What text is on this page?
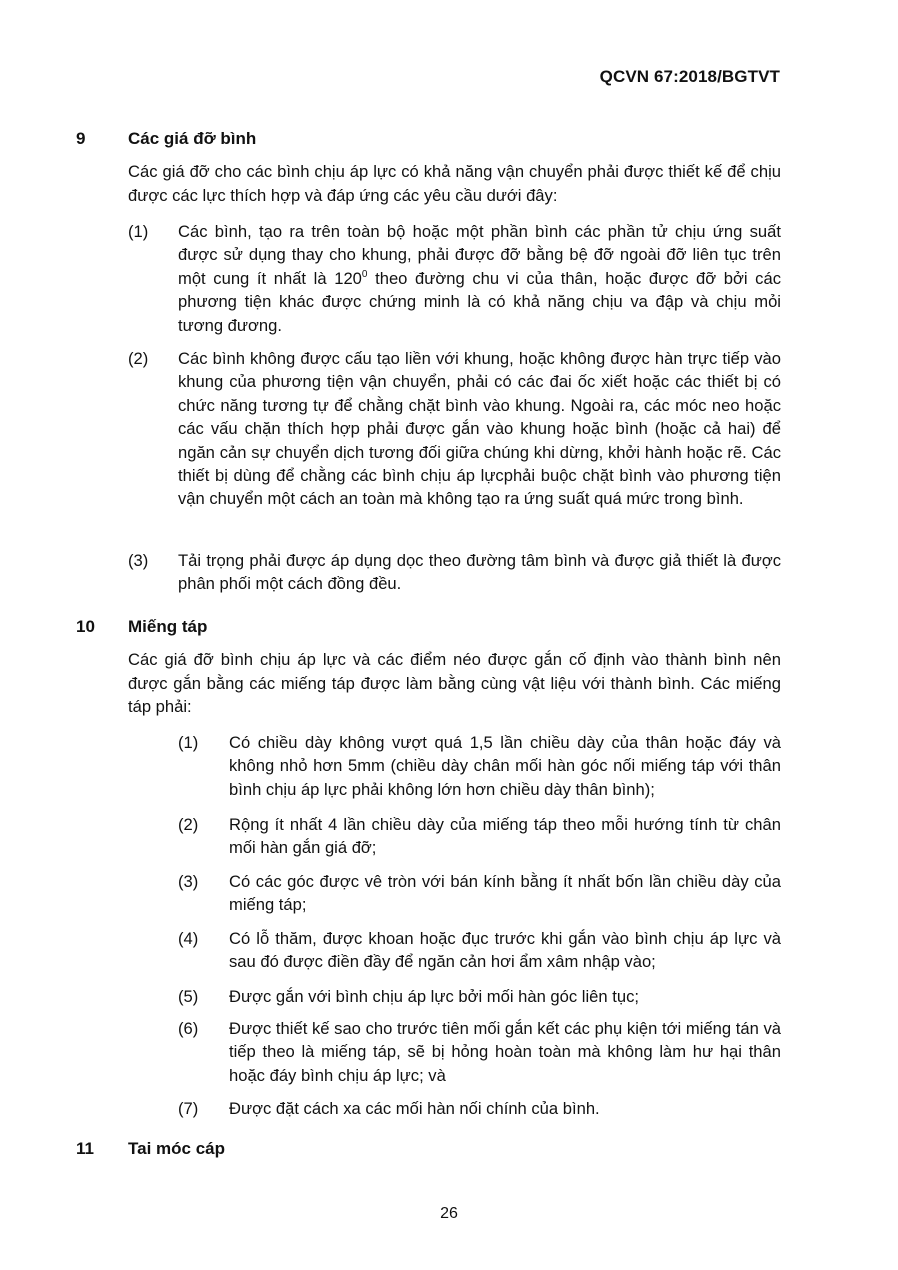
QCVN 67:2018/BGTVT
9	Các giá đỡ bình
Các giá đỡ cho các bình chịu áp lực có khả năng vận chuyển phải được thiết kế để chịu được các lực thích hợp và đáp ứng các yêu cầu dưới đây:
(1) Các bình, tạo ra trên toàn bộ hoặc một phần bình các phần tử chịu ứng suất được sử dụng thay cho khung, phải được đỡ bằng bệ đỡ ngoài đỡ liên tục trên một cung ít nhất là $120^0$ theo đường chu vi của thân, hoặc được đỡ bởi các phương tiện khác được chứng minh là có khả năng chịu va đập và chịu mỏi tương đương.
(2) Các bình không được cấu tạo liền với khung, hoặc không được hàn trực tiếp vào khung của phương tiện vận chuyển, phải có các đai ốc xiết hoặc các thiết bị có chức năng tương tự để chằng chặt bình vào khung. Ngoài ra, các móc neo hoặc các vấu chặn thích hợp phải được gắn vào khung hoặc bình (hoặc cả hai) để ngăn cản sự chuyển dịch tương đối giữa chúng khi dừng, khởi hành hoặc rẽ. Các thiết bị dùng để chằng các bình chịu áp lựcphải buộc chặt bình vào phương tiện vận chuyển một cách an toàn mà không tạo ra ứng suất quá mức trong bình.
(3) Tải trọng phải được áp dụng dọc theo đường tâm bình và được giả thiết là được phân phối một cách đồng đều.
10 Miếng táp
Các giá đỡ bình chịu áp lực và các điểm néo được gắn cố định vào thành bình nên được gắn bằng các miếng táp được làm bằng cùng vật liệu với thành bình. Các miếng táp phải:
(1) Có chiều dày không vượt quá 1,5 lần chiều dày của thân hoặc đáy và không nhỏ hơn 5mm (chiều dày chân mối hàn góc nối miếng táp với thân bình chịu áp lực phải không lớn hơn chiều dày thân bình);
(2) Rộng ít nhất 4 lần chiều dày của miếng táp theo mỗi hướng tính từ chân mối hàn gắn giá đỡ;
(3) Có các góc được vê tròn với bán kính bằng ít nhất bốn lần chiều dày của miếng táp;
(4) Có lỗ thăm, được khoan hoặc đục trước khi gắn vào bình chịu áp lực và sau đó được điền đầy để ngăn cản hơi ẩm xâm nhập vào;
(5) Được gắn với bình chịu áp lực bởi mối hàn góc liên tục;
(6) Được thiết kế sao cho trước tiên mối gắn kết các phụ kiện tới miếng tán và tiếp theo là miếng táp, sẽ bị hỏng hoàn toàn mà không làm hư hại thân hoặc đáy bình chịu áp lực; và
(7) Được đặt cách xa các mối hàn nối chính của bình.
11 Tai móc cáp
26
